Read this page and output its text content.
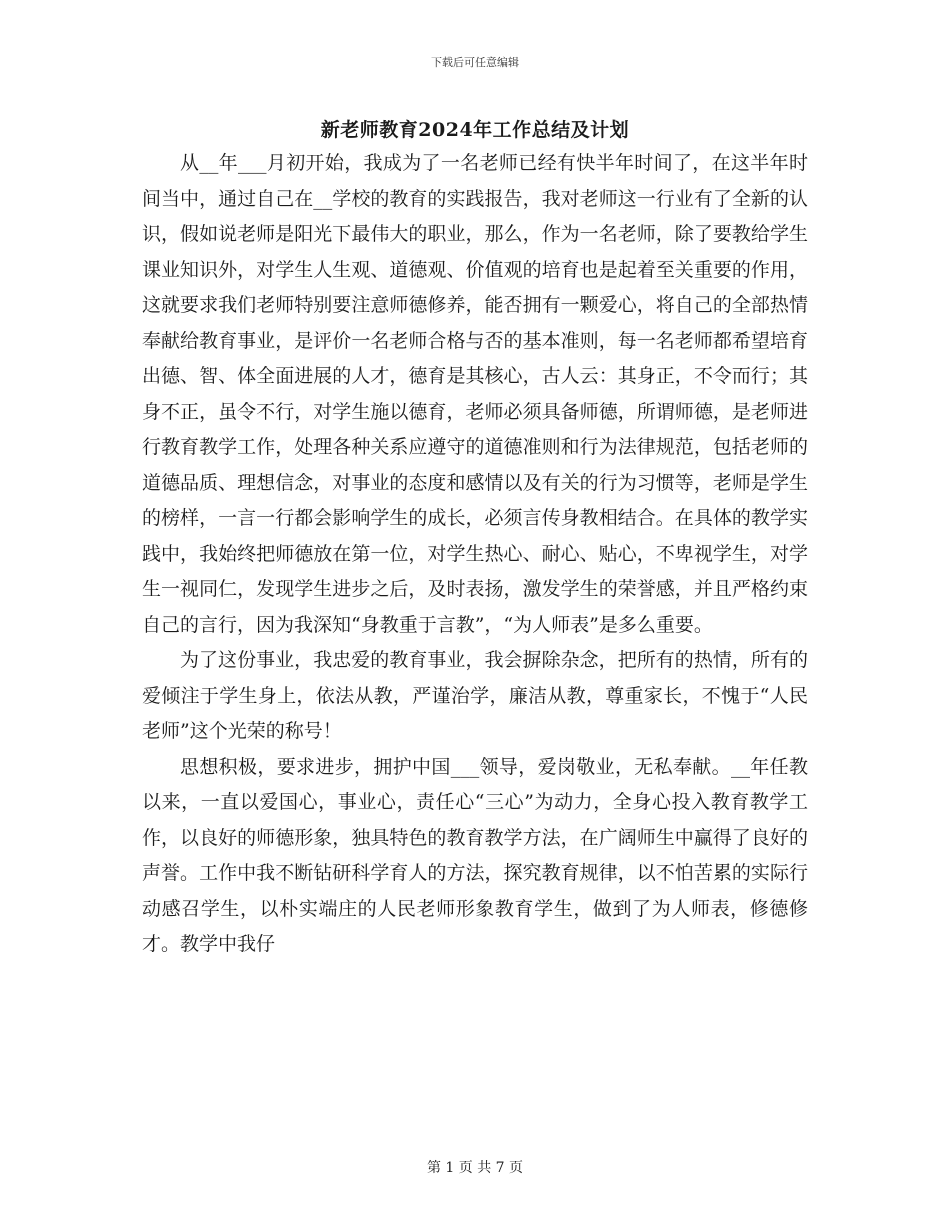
下载后可任意编辑
新老师教育2024年工作总结及计划

从__年___月初开始，我成为了一名老师已经有快半年时间了，在这半年时间当中，通过自己在__学校的教育的实践报告，我对老师这一行业有了全新的认识，假如说老师是阳光下最伟大的职业，那么，作为一名老师，除了要教给学生课业知识外，对学生人生观、道德观、价值观的培育也是起着至关重要的作用，这就要求我们老师特别要注意师德修养，能否拥有一颗爱心，将自己的全部热情奉献给教育事业，是评价一名老师合格与否的基本准则，每一名老师都希望培育出德、智、体全面进展的人才，德育是其核心，古人云：其身正，不令而行；其身不正，虽令不行，对学生施以德育，老师必须具备师德，所谓师德，是老师进行教育教学工作，处理各种关系应遵守的道德准则和行为法律规范，包括老师的道德品质、理想信念，对事业的态度和感情以及有关的行为习惯等，老师是学生的榜样，一言一行都会影响学生的成长，必须言传身教相结合。在具体的教学实践中，我始终把师德放在第一位，对学生热心、耐心、贴心，不卑视学生，对学生一视同仁，发现学生进步之后，及时表扬，激发学生的荣誉感，并且严格约束自己的言行，因为我深知“身教重于言教”，“为人师表”是多么重要。

为了这份事业，我忠爱的教育事业，我会摒除杂念，把所有的热情，所有的爱倾注于学生身上，依法从教，严谨治学，廉洁从教，尊重家长，不愧于“人民老师”这个光荣的称号！

思想积极，要求进步，拥护中国___领导，爱岗敬业，无私奉献。__年任教以来，一直以爱国心，事业心，责任心“三心”为动力，全身心投入教育教学工作，以良好的师德形象，独具特色的教育教学方法，在广阔师生中赢得了良好的声誉。工作中我不断钻研科学育人的方法，探究教育规律，以不怕苦累的实际行动感召学生，以朴实端庄的人民老师形象教育学生，做到了为人师表，修德修才。教学中我仔

第 1 页 共 7 页
